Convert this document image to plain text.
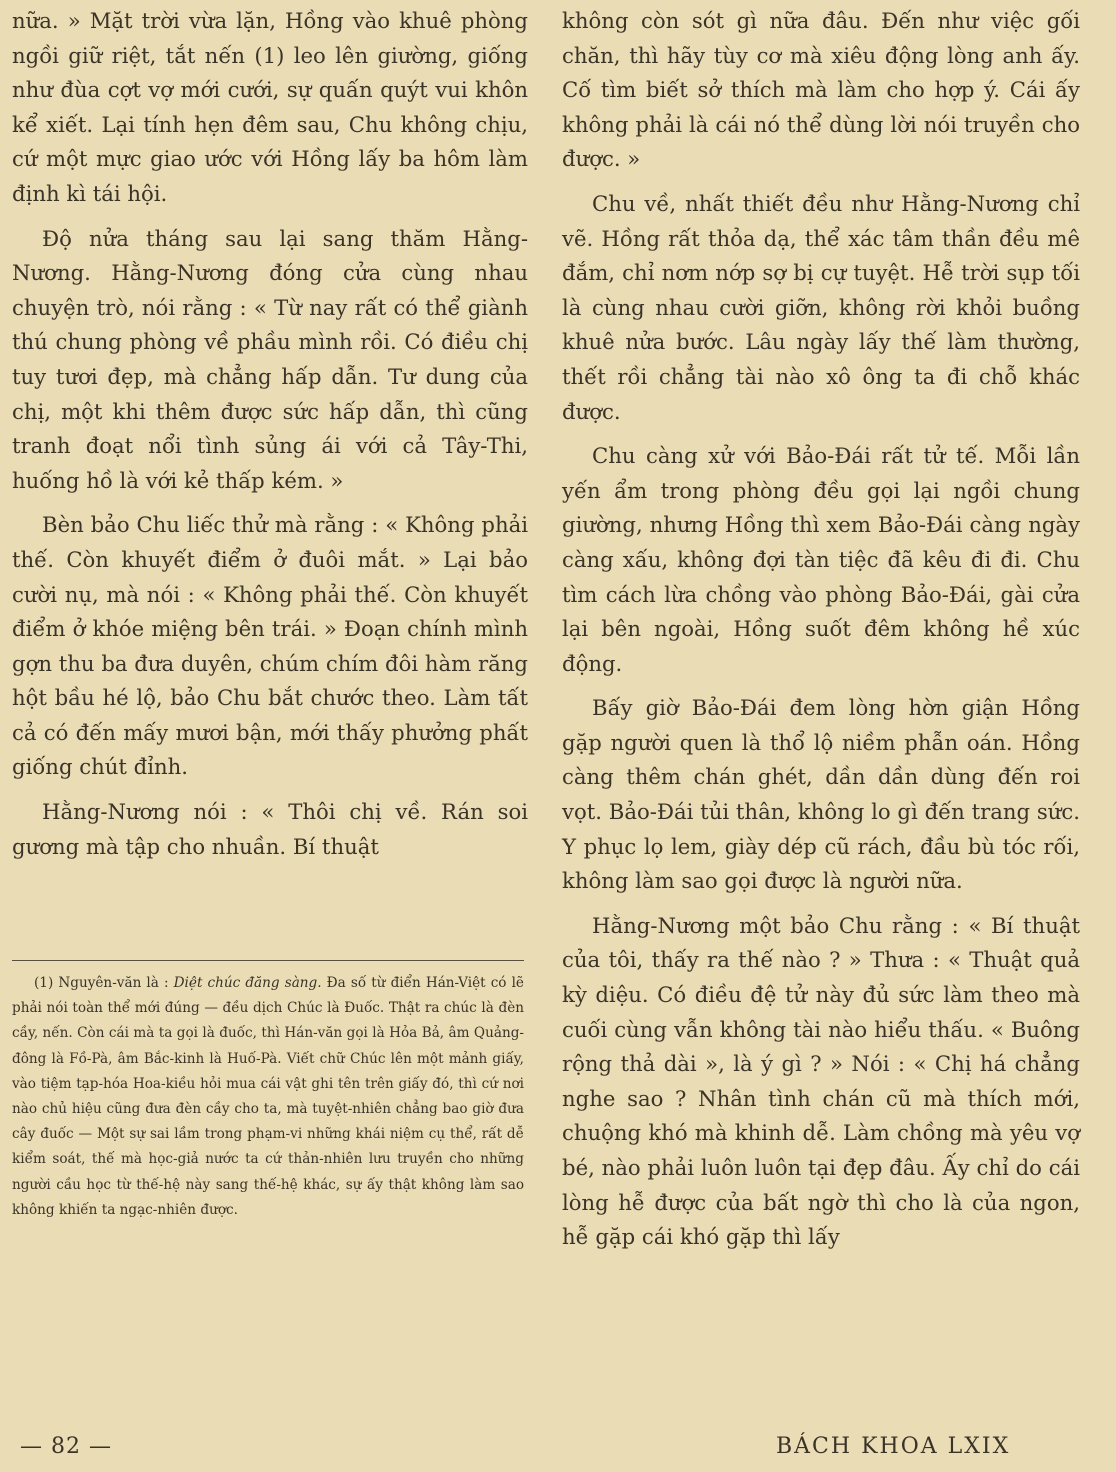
nữa. » Mặt trời vừa lặn, Hồng vào khuê phòng ngồi giữ riệt, tắt nến (1) leo lên giường, giống như đùa cợt vợ mới cưới, sự quấn quýt vui khôn kể xiết. Lại tính hẹn đêm sau, Chu không chịu, cứ một mực giao ước với Hồng lấy ba hôm làm định kì tái hội.

Độ nửa tháng sau lại sang thăm Hằng-Nương. Hằng-Nương đóng cửa cùng nhau chuyện trò, nói rằng : « Từ nay rất có thể giành thú chung phòng về phầu mình rồi. Có điều chị tuy tươi đẹp, mà chẳng hấp dẫn. Tư dung của chị, một khi thêm được sức hấp dẫn, thì cũng tranh đoạt nổi tình sủng ái với cả Tây-Thi, huống hồ là với kẻ thấp kém. »

Bèn bảo Chu liếc thử mà rằng : « Không phải thế. Còn khuyết điểm ở đuôi mắt. » Lại bảo cười nụ, mà nói : « Không phải thế. Còn khuyết điểm ở khóe miệng bên trái. » Đoạn chính mình gợn thu ba đưa duyên, chúm chím đôi hàm răng hột bầu hé lộ, bảo Chu bắt chước theo. Làm tất cả có đến mấy mươi bận, mới thấy phưởng phất giống chút đỉnh.

Hằng-Nương nói : « Thôi chị về. Rán soi gương mà tập cho nhuần. Bí thuật

(1) Nguyên-văn là : Diệt chúc đăng sàng. Đa số từ điển Hán-Việt có lẽ phải nói toàn thể mới đúng — đều dịch Chúc là Đuốc. Thật ra chúc là đèn cầy, nến. Còn cái mà ta gọi là đuốc, thì Hán-văn gọi là Hỏa Bả, âm Quảng-đông là Fồ-Pà, âm Bắc-kinh là Huố-Pà. Viết chữ Chúc lên một mảnh giấy, vào tiệm tạp-hóa Hoa-kiều hỏi mua cái vật ghi tên trên giấy đó, thì cứ nơi nào chủ hiệu cũng đưa đèn cầy cho ta, mà tuyệt-nhiên chẳng bao giờ đưa cây đuốc — Một sự sai lầm trong phạm-vi những khái niệm cụ thể, rất dễ kiểm soát, thế mà học-giả nước ta cứ thản-nhiên lưu truyền cho những người cầu học từ thế-hệ này sang thế-hệ khác, sự ấy thật không làm sao không khiến ta ngạc-nhiên được.

không còn sót gì nữa đâu. Đến như việc gối chăn, thì hãy tùy cơ mà xiêu động lòng anh ấy. Cố tìm biết sở thích mà làm cho hợp ý. Cái ấy không phải là cái nó thể dùng lời nói truyền cho được. »

Chu về, nhất thiết đều như Hằng-Nương chỉ vẽ. Hồng rất thỏa dạ, thể xác tâm thần đều mê đắm, chỉ nơm nớp sợ bị cự tuyệt. Hễ trời sụp tối là cùng nhau cười giỡn, không rời khỏi buồng khuê nửa bước. Lâu ngày lấy thế làm thường, thết rồi chẳng tài nào xô ông ta đi chỗ khác được.

Chu càng xử với Bảo-Đái rất tử tế. Mỗi lần yến ẩm trong phòng đều gọi lại ngồi chung giường, nhưng Hồng thì xem Bảo-Đái càng ngày càng xấu, không đợi tàn tiệc đã kêu đi đi. Chu tìm cách lừa chồng vào phòng Bảo-Đái, gài cửa lại bên ngoài, Hồng suốt đêm không hề xúc động.

Bấy giờ Bảo-Đái đem lòng hờn giận Hồng gặp người quen là thổ lộ niềm phẫn oán. Hồng càng thêm chán ghét, dần dần dùng đến roi vọt. Bảo-Đái tủi thân, không lo gì đến trang sức. Y phục lọ lem, giày dép cũ rách, đầu bù tóc rối, không làm sao gọi được là người nữa.

Hằng-Nương một bảo Chu rằng : « Bí thuật của tôi, thấy ra thế nào ? » Thưa : « Thuật quả kỳ diệu. Có điều đệ tử này đủ sức làm theo mà cuối cùng vẫn không tài nào hiểu thấu. « Buông rộng thả dài », là ý gì ? » Nói : « Chị há chẳng nghe sao ? Nhân tình chán cũ mà thích mới, chuộng khó mà khinh dễ. Làm chồng mà yêu vợ bé, nào phải luôn luôn tại đẹp đâu. Ấy chỉ do cái lòng hễ được của bất ngờ thì cho là của ngon, hễ gặp cái khó gặp thì lấy

— 82 —	BÁCH KHOA LXIX
